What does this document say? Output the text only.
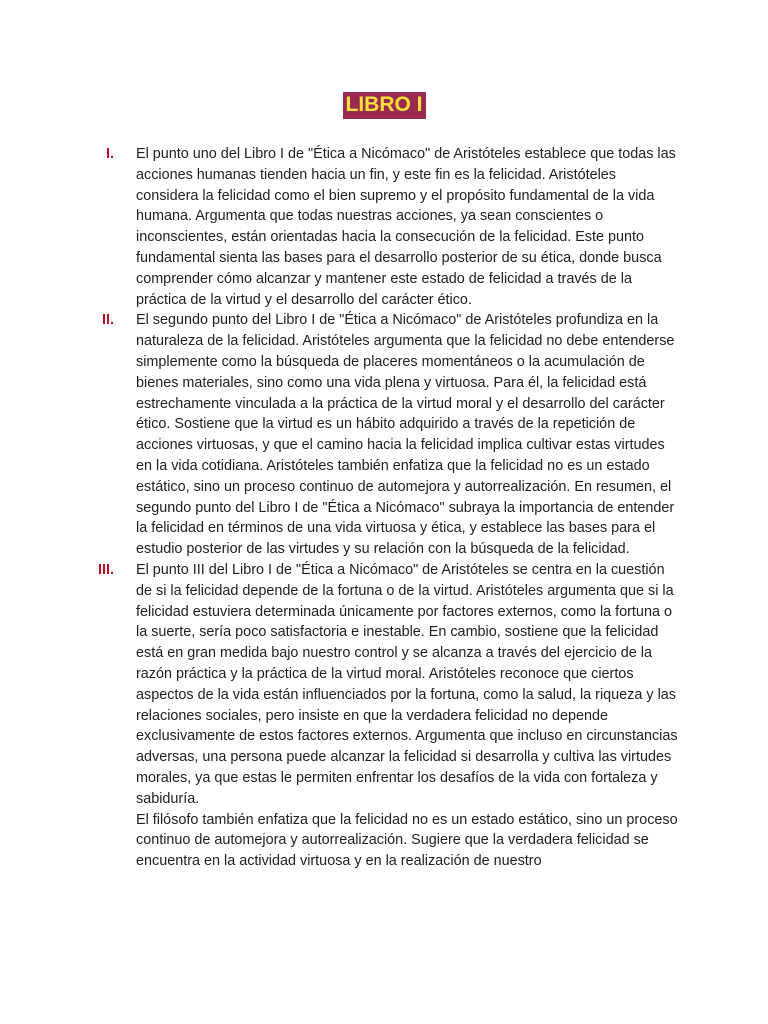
LIBRO I
I. El punto uno del Libro I de "Ética a Nicómaco" de Aristóteles establece que todas las acciones humanas tienden hacia un fin, y este fin es la felicidad. Aristóteles considera la felicidad como el bien supremo y el propósito fundamental de la vida humana. Argumenta que todas nuestras acciones, ya sean conscientes o inconscientes, están orientadas hacia la consecución de la felicidad. Este punto fundamental sienta las bases para el desarrollo posterior de su ética, donde busca comprender cómo alcanzar y mantener este estado de felicidad a través de la práctica de la virtud y el desarrollo del carácter ético.

II. El segundo punto del Libro I de "Ética a Nicómaco" de Aristóteles profundiza en la naturaleza de la felicidad. Aristóteles argumenta que la felicidad no debe entenderse simplemente como la búsqueda de placeres momentáneos o la acumulación de bienes materiales, sino como una vida plena y virtuosa. Para él, la felicidad está estrechamente vinculada a la práctica de la virtud moral y el desarrollo del carácter ético. Sostiene que la virtud es un hábito adquirido a través de la repetición de acciones virtuosas, y que el camino hacia la felicidad implica cultivar estas virtudes en la vida cotidiana. Aristóteles también enfatiza que la felicidad no es un estado estático, sino un proceso continuo de automejora y autorrealización. En resumen, el segundo punto del Libro I de "Ética a Nicómaco" subraya la importancia de entender la felicidad en términos de una vida virtuosa y ética, y establece las bases para el estudio posterior de las virtudes y su relación con la búsqueda de la felicidad.

III. El punto III del Libro I de "Ética a Nicómaco" de Aristóteles se centra en la cuestión de si la felicidad depende de la fortuna o de la virtud. Aristóteles argumenta que si la felicidad estuviera determinada únicamente por factores externos, como la fortuna o la suerte, sería poco satisfactoria e inestable. En cambio, sostiene que la felicidad está en gran medida bajo nuestro control y se alcanza a través del ejercicio de la razón práctica y la práctica de la virtud moral. Aristóteles reconoce que ciertos aspectos de la vida están influenciados por la fortuna, como la salud, la riqueza y las relaciones sociales, pero insiste en que la verdadera felicidad no depende exclusivamente de estos factores externos. Argumenta que incluso en circunstancias adversas, una persona puede alcanzar la felicidad si desarrolla y cultiva las virtudes morales, ya que estas le permiten enfrentar los desafíos de la vida con fortaleza y sabiduría.

El filósofo también enfatiza que la felicidad no es un estado estático, sino un proceso continuo de automejora y autorrealización. Sugiere que la verdadera felicidad se encuentra en la actividad virtuosa y en la realización de nuestro
